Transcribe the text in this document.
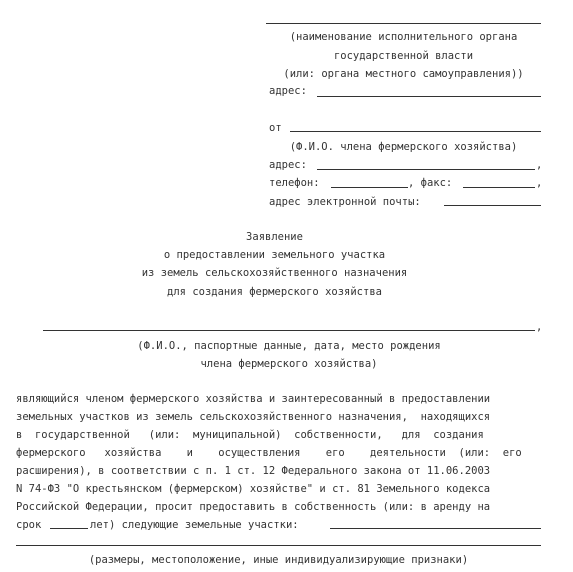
(наименование исполнительного органа
государственной власти
(или: органа местного самоуправления))
адрес:
от
(Ф.И.О. члена фермерского хозяйства)
адрес:	,
телефон:	, факс:	,
адрес электронной почты:
Заявление
о предоставлении земельного участка
из земель сельскохозяйственного назначения
для создания фермерского хозяйства
,
(Ф.И.О., паспортные данные, дата, место рождения
члена фермерского хозяйства)
являющийся членом фермерского хозяйства и заинтересованный в предоставлении
земельных участков из земель сельскохозяйственного назначения,  находящихся
в  государственной   (или:  муниципальной)  собственности,   для  создания
фермерского   хозяйства    и    осуществления    его    деятельности  (или:  его
расширения), в соответствии с п. 1 ст. 12 Федерального закона от 11.06.2003
N 74-ФЗ "О крестьянском (фермерском) хозяйстве" и ст. 81 Земельного кодекса
Российской Федерации, просит предоставить в собственность (или: в аренду на
срок	лет) следующие земельные участки:
(размеры, местоположение, иные индивидуализирующие признаки)
